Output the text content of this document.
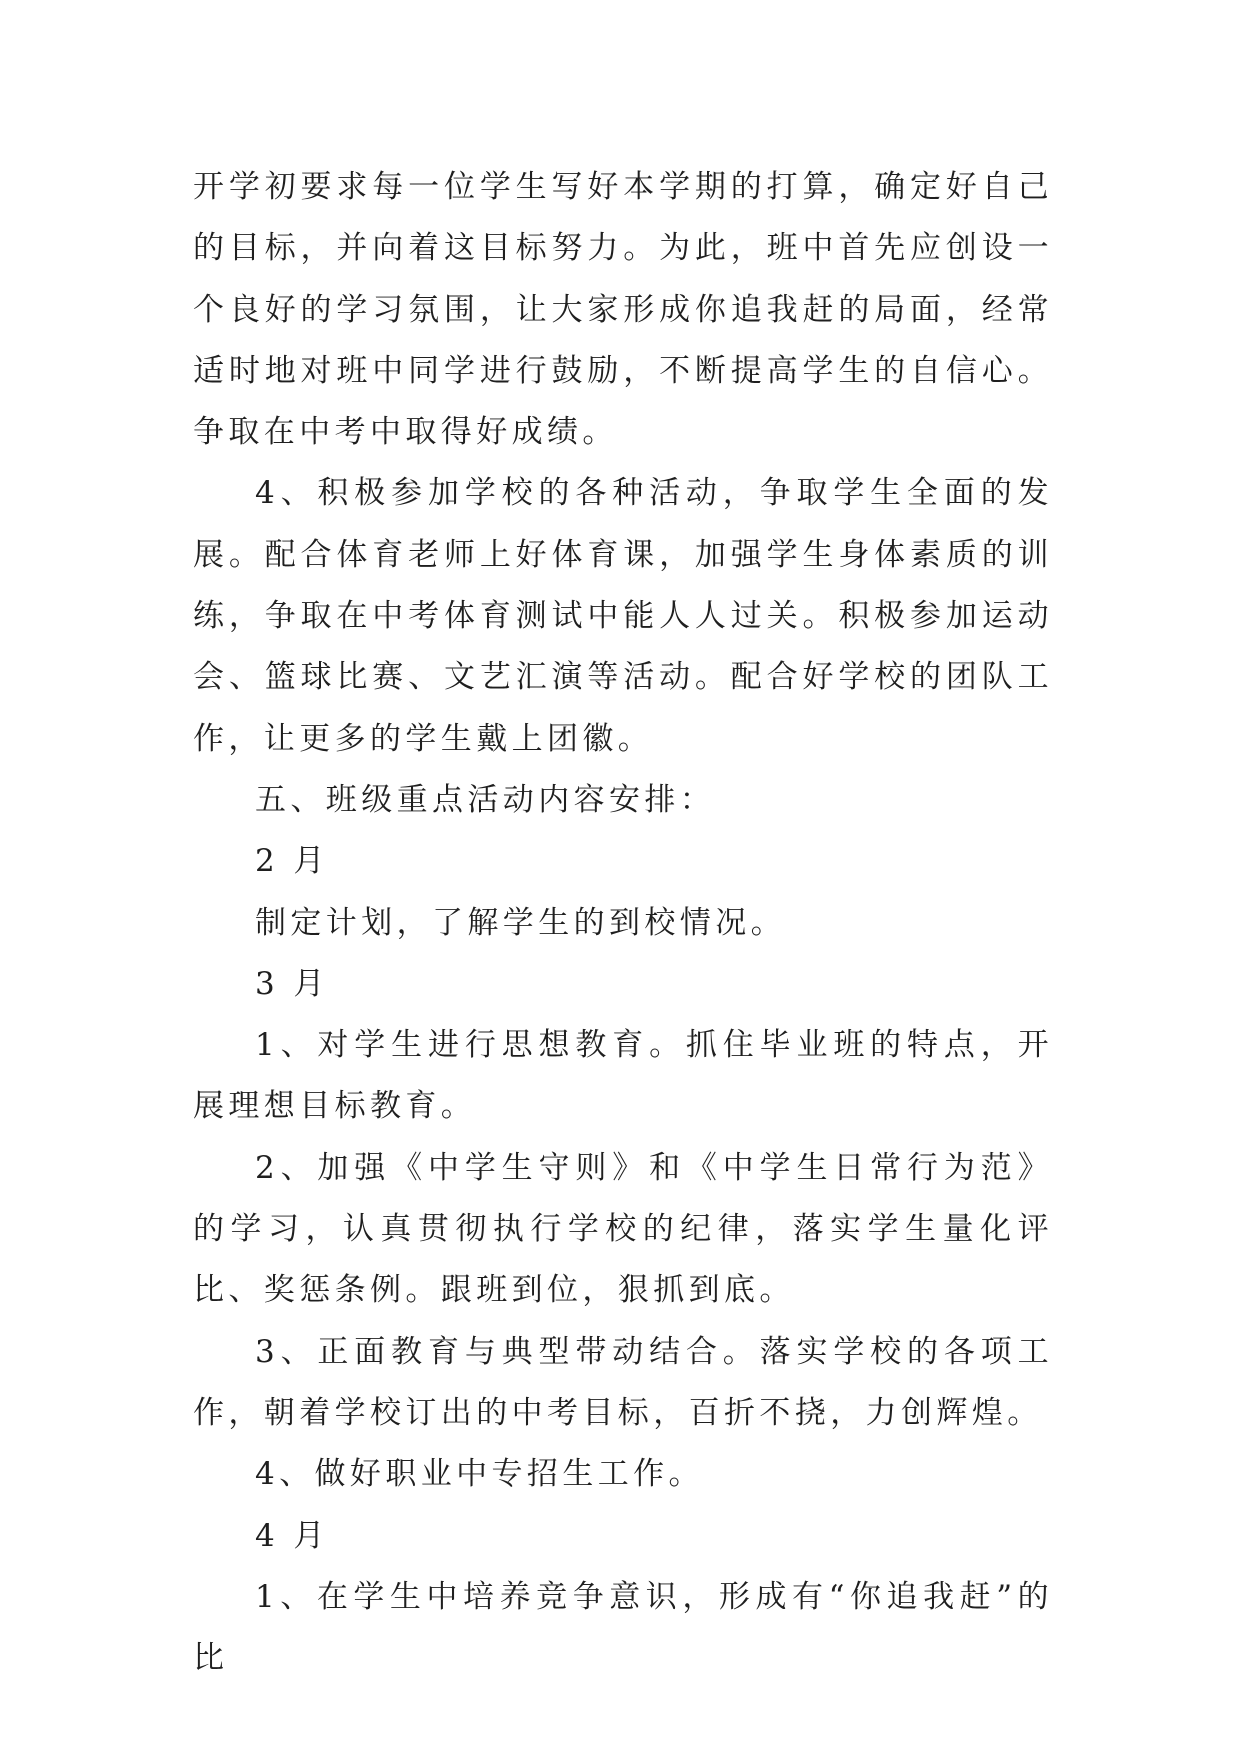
开学初要求每一位学生写好本学期的打算，确定好自己的目标，并向着这目标努力。为此，班中首先应创设一个良好的学习氛围，让大家形成你追我赶的局面，经常适时地对班中同学进行鼓励，不断提高学生的自信心。争取在中考中取得好成绩。

4、积极参加学校的各种活动，争取学生全面的发展。配合体育老师上好体育课，加强学生身体素质的训练，争取在中考体育测试中能人人过关。积极参加运动会、篮球比赛、文艺汇演等活动。配合好学校的团队工作，让更多的学生戴上团徽。

五、班级重点活动内容安排：

2 月

制定计划，了解学生的到校情况。

3 月

1、对学生进行思想教育。抓住毕业班的特点，开展理想目标教育。

2、加强《中学生守则》和《中学生日常行为范》的学习，认真贯彻执行学校的纪律，落实学生量化评比、奖惩条例。跟班到位，狠抓到底。

3、正面教育与典型带动结合。落实学校的各项工作，朝着学校订出的中考目标，百折不挠，力创辉煌。

4、做好职业中专招生工作。

4 月

1、在学生中培养竞争意识，形成有“你追我赶”的比
